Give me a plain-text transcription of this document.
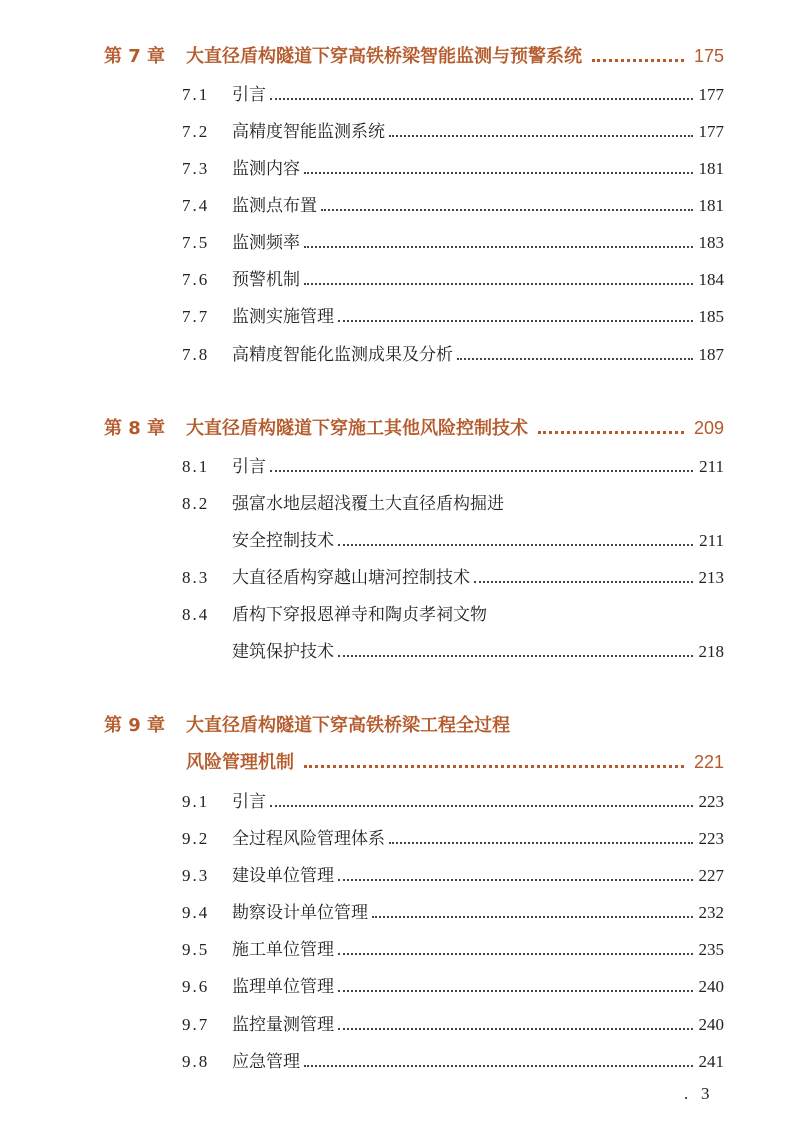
第 7 章	大直径盾构隧道下穿高铁桥梁智能监测与预警系统	175
7.1	引言	177
7.2	高精度智能监测系统	177
7.3	监测内容	181
7.4	监测点布置	181
7.5	监测频率	183
7.6	预警机制	184
7.7	监测实施管理	185
7.8	高精度智能化监测成果及分析	187
第 8 章	大直径盾构隧道下穿施工其他风险控制技术	209
8.1	引言	211
8.2	强富水地层超浅覆土大直径盾构掘进
安全控制技术	211
8.3	大直径盾构穿越山塘河控制技术	213
8.4	盾构下穿报恩禅寺和陶贞孝祠文物
建筑保护技术	218
第 9 章	大直径盾构隧道下穿高铁桥梁工程全过程
风险管理机制	221
9.1	引言	223
9.2	全过程风险管理体系	223
9.3	建设单位管理	227
9.4	勘察设计单位管理	232
9.5	施工单位管理	235
9.6	监理单位管理	240
9.7	监控量测管理	240
9.8	应急管理	241
.   3
